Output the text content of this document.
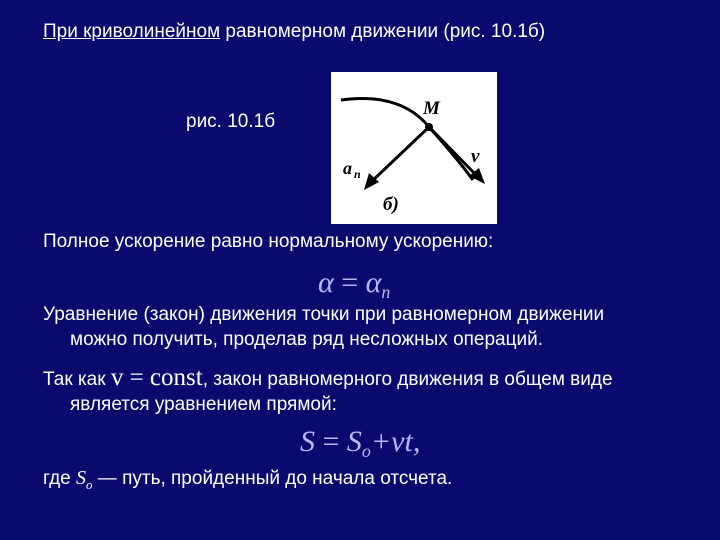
При криволинейном равномерном движении (рис. 10.1б)
рис. 10.1б
M
v
a n
б)
Полное ускорение равно нормальному ускорению:
$\alpha = \alpha_n$
Уравнение (закон) движения точки при равномерном движении
можно получить, проделав ряд несложных операций.
Так как v = const, закон равномерного движения в общем виде
является уравнением прямой:
$S = S_o+vt$,
где $S_o$ — путь, пройденный до начала отсчета.
